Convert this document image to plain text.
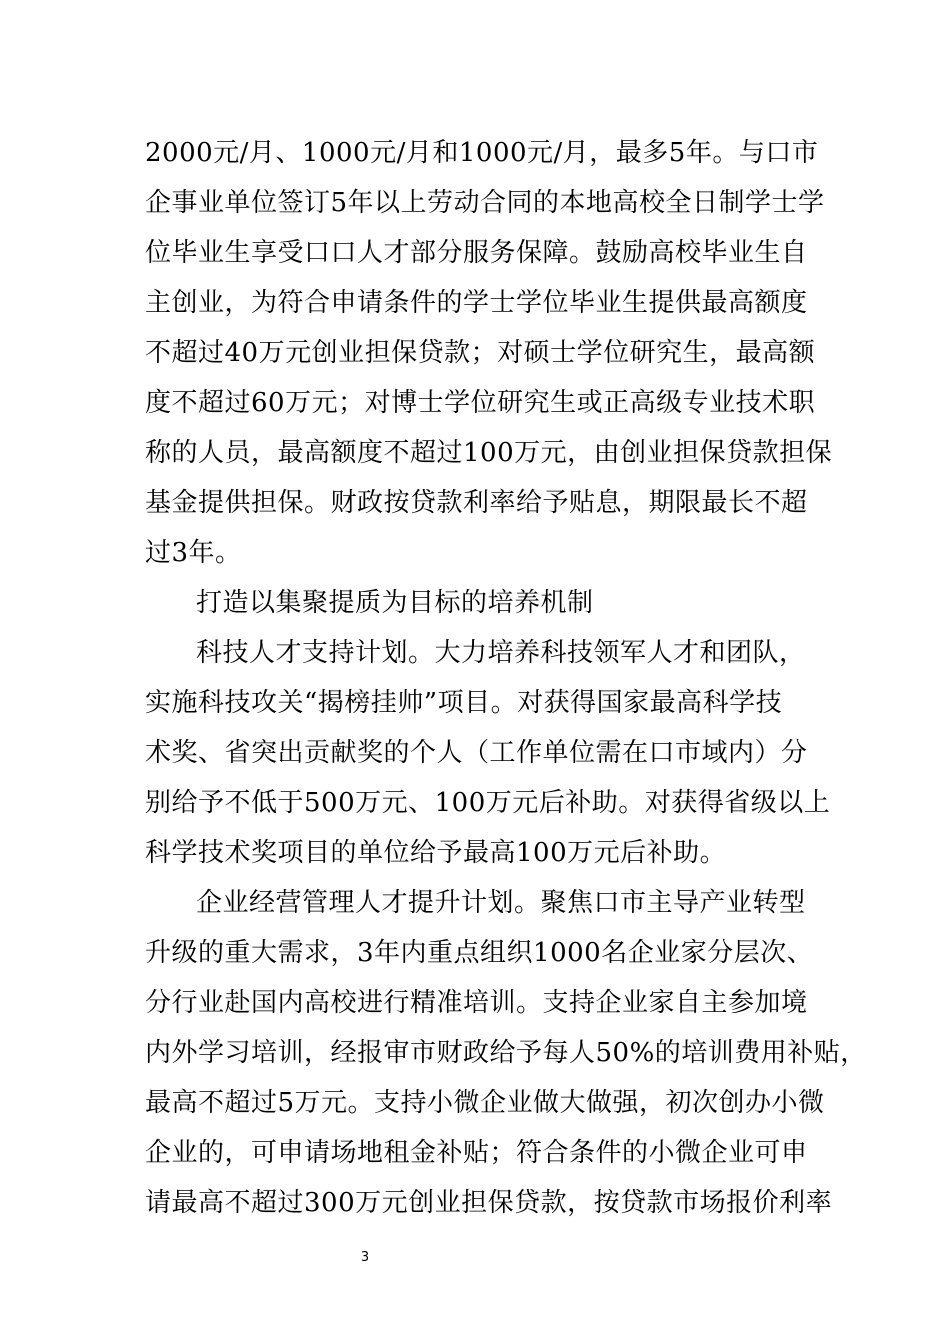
2000元/月、1000元/月和1000元/月，最多5年。与口市
企事业单位签订5年以上劳动合同的本地高校全日制学士学
位毕业生享受口口人才部分服务保障。鼓励高校毕业生自
主创业，为符合申请条件的学士学位毕业生提供最高额度
不超过40万元创业担保贷款；对硕士学位研究生，最高额
度不超过60万元；对博士学位研究生或正高级专业技术职
称的人员，最高额度不超过100万元，由创业担保贷款担保
基金提供担保。财政按贷款利率给予贴息，期限最长不超
过3年。
打造以集聚提质为目标的培养机制
科技人才支持计划。大力培养科技领军人才和团队，
实施科技攻关“揭榜挂帅”项目。对获得国家最高科学技
术奖、省突出贡献奖的个人（工作单位需在口市域内）分
别给予不低于500万元、100万元后补助。对获得省级以上
科学技术奖项目的单位给予最高100万元后补助。
企业经营管理人才提升计划。聚焦口市主导产业转型
升级的重大需求，3年内重点组织1000名企业家分层次、
分行业赴国内高校进行精准培训。支持企业家自主参加境
内外学习培训，经报审市财政给予每人50%的培训费用补贴，
最高不超过5万元。支持小微企业做大做强，初次创办小微
企业的，可申请场地租金补贴；符合条件的小微企业可申
请最高不超过300万元创业担保贷款，按贷款市场报价利率
3
